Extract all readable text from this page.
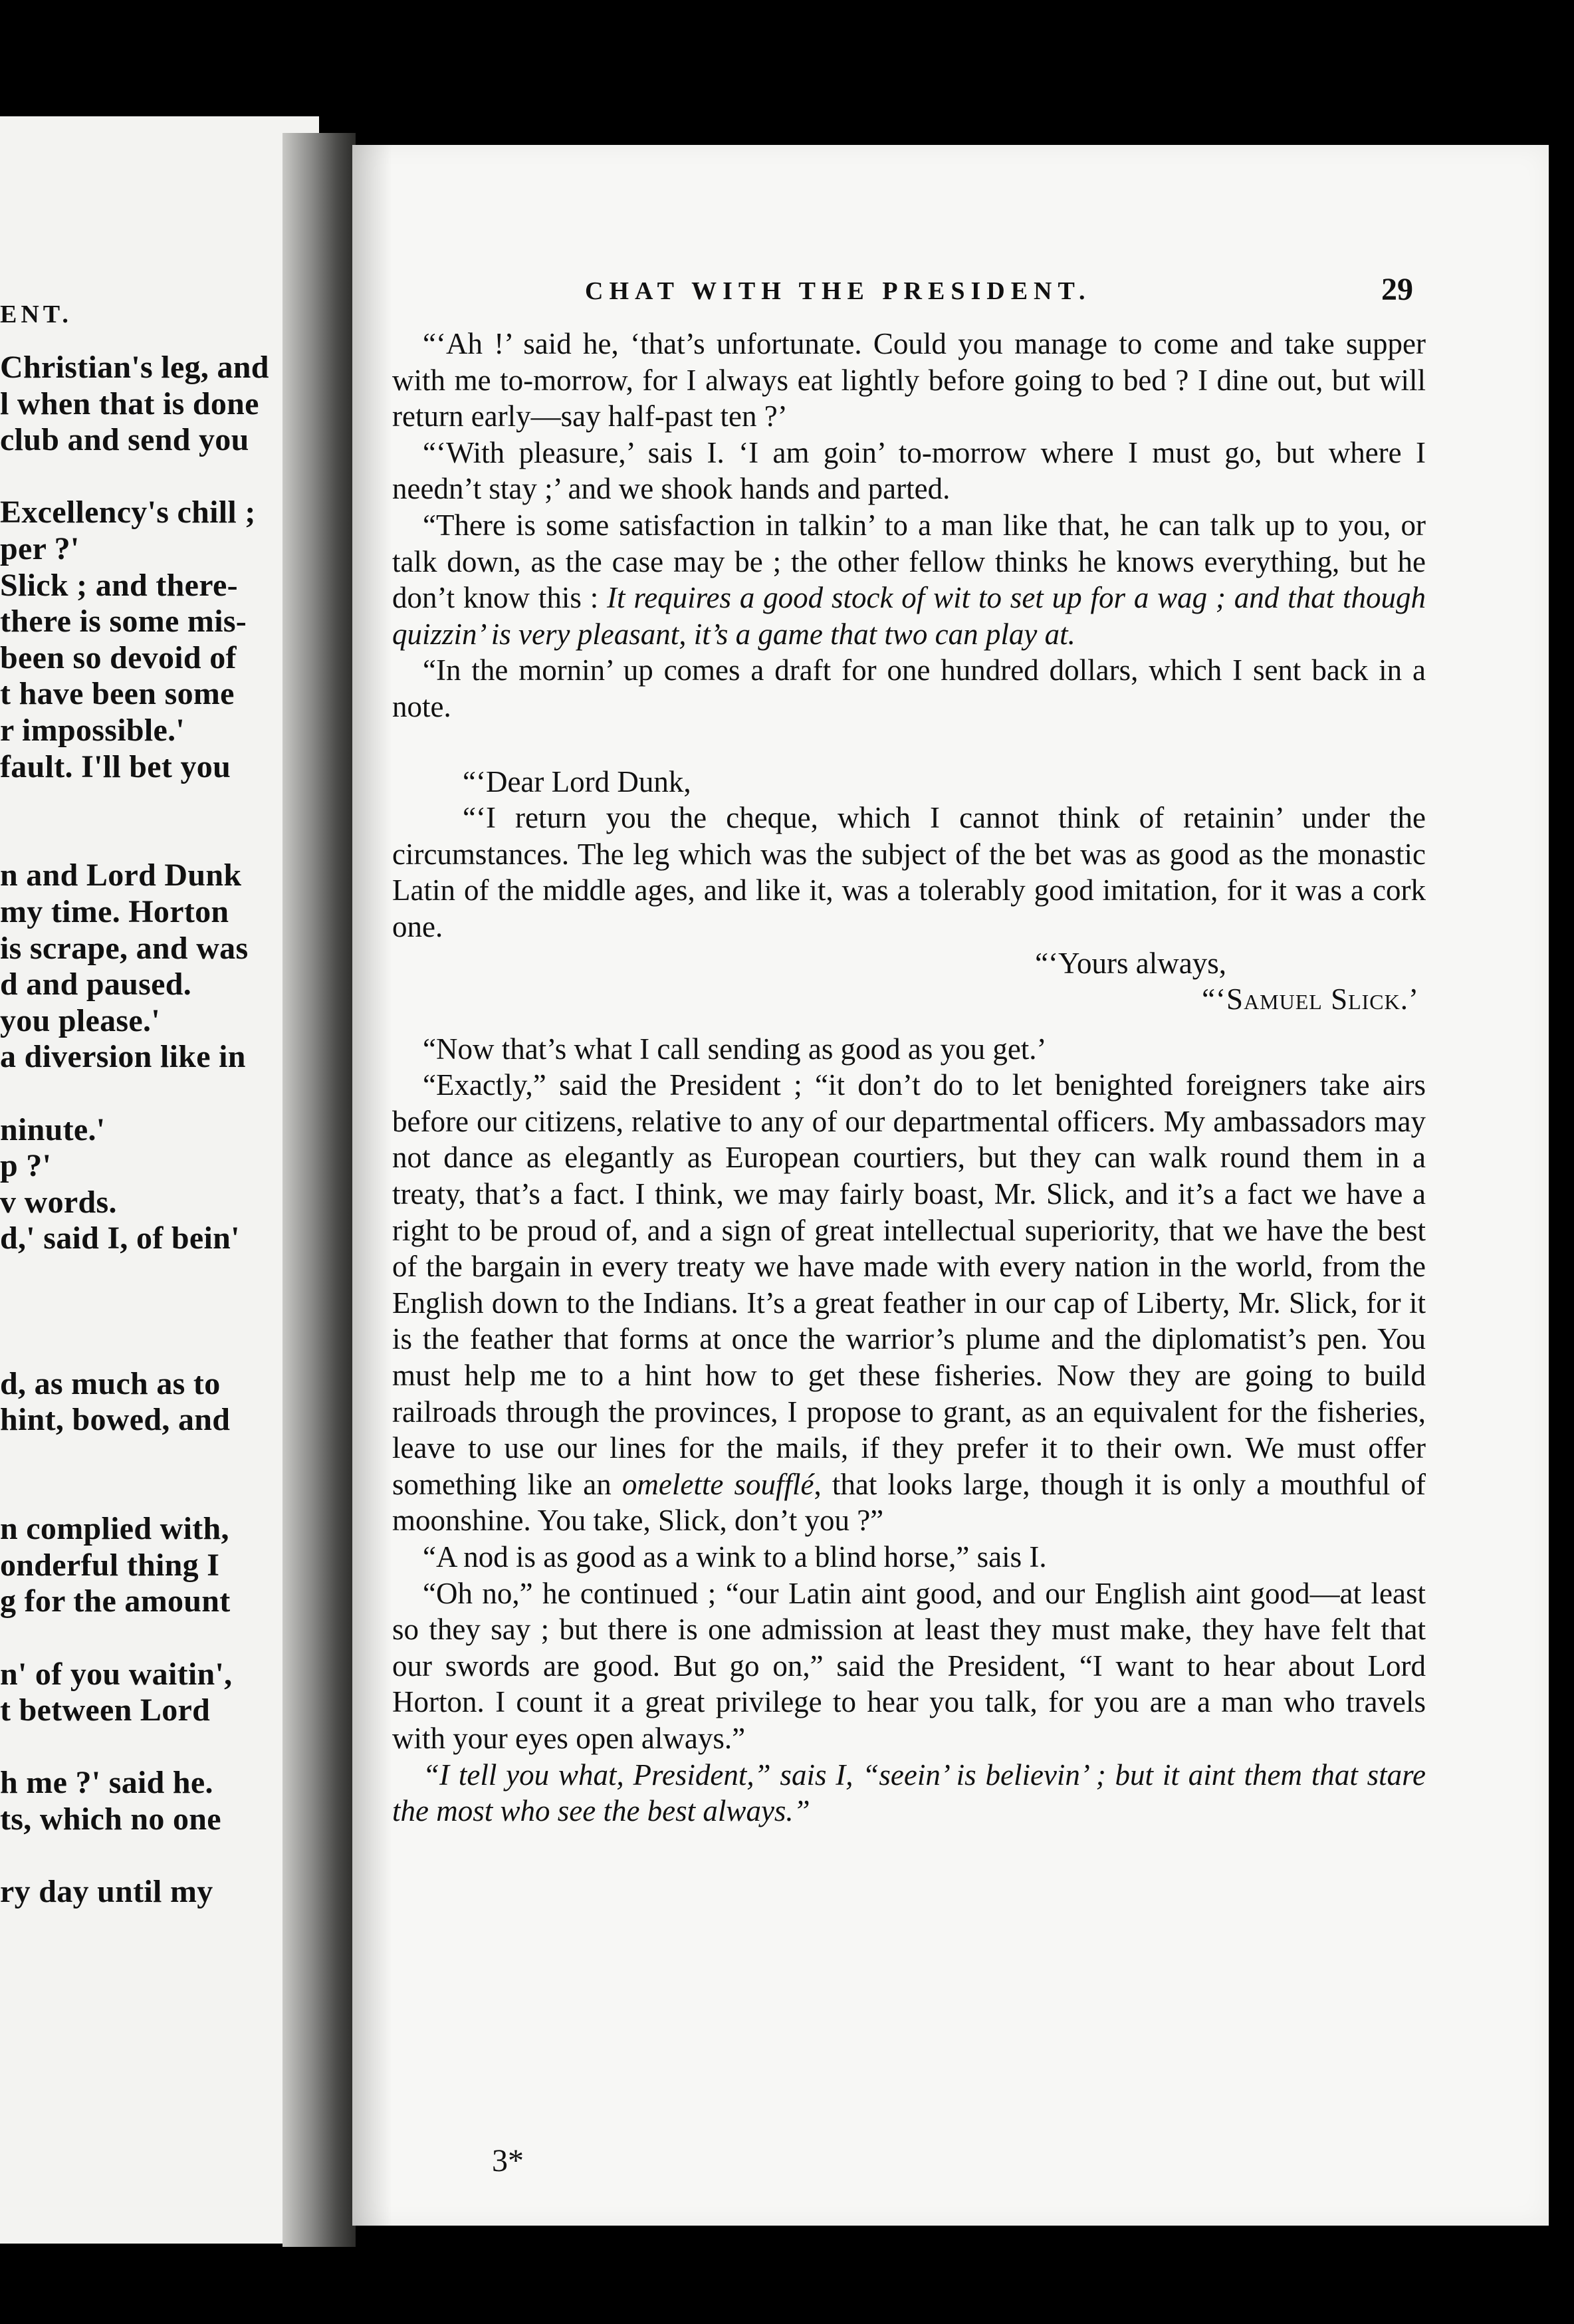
ENT.
Christian's leg, and
l when that is done
club and send you
Excellency's chill ;
per ?'
Slick ; and there-
there is some mis-
been so devoid of
t have been some
r impossible.'
fault. I'll bet you
n and Lord Dunk
my time. Horton
is scrape, and was
d and paused.
you please.'
a diversion like in
ninute.'
p ?'
v words.
d,' said I, of bein'
d, as much as to
hint, bowed, and
n complied with,
onderful thing I
g for the amount
n' of you waitin',
t between Lord
h me ?' said he.
ts, which no one
ry day until my
CHAT WITH THE PRESIDENT.	29

“‘Ah !’ said he, ‘that’s unfortunate. Could you manage to come and take supper with me to-morrow, for I always eat lightly before going to bed ? I dine out, but will return early—say half-past ten ?’

“‘With pleasure,’ sais I. ‘I am goin’ to-morrow where I must go, but where I needn’t stay ;’ and we shook hands and parted.

“There is some satisfaction in talkin’ to a man like that, he can talk up to you, or talk down, as the case may be ; the other fellow thinks he knows everything, but he don’t know this : It requires a good stock of wit to set up for a wag ; and that though quizzin’ is very pleasant, it’s a game that two can play at.

“In the mornin’ up comes a draft for one hundred dollars, which I sent back in a note.

“‘Dear Lord Dunk,

“‘I return you the cheque, which I cannot think of retainin’ under the circumstances. The leg which was the subject of the bet was as good as the monastic Latin of the middle ages, and like it, was a tolerably good imitation, for it was a cork one.

“‘Yours always,

“‘Samuel Slick.’

“Now that’s what I call sending as good as you get.’

“Exactly,” said the President ; “it don’t do to let benighted foreigners take airs before our citizens, relative to any of our departmental officers. My ambassadors may not dance as elegantly as European courtiers, but they can walk round them in a treaty, that’s a fact. I think, we may fairly boast, Mr. Slick, and it’s a fact we have a right to be proud of, and a sign of great intellectual superiority, that we have the best of the bargain in every treaty we have made with every nation in the world, from the English down to the Indians. It’s a great feather in our cap of Liberty, Mr. Slick, for it is the feather that forms at once the warrior’s plume and the diplomatist’s pen. You must help me to a hint how to get these fisheries. Now they are going to build railroads through the provinces, I propose to grant, as an equivalent for the fisheries, leave to use our lines for the mails, if they prefer it to their own. We must offer something like an omelette soufflé, that looks large, though it is only a mouthful of moonshine. You take, Slick, don’t you ?”

“A nod is as good as a wink to a blind horse,” sais I.

“Oh no,” he continued ; “our Latin aint good, and our English aint good—at least so they say ; but there is one admission at least they must make, they have felt that our swords are good. But go on,” said the President, “I want to hear about Lord Horton. I count it a great privilege to hear you talk, for you are a man who travels with your eyes open always.”

“I tell you what, President,” sais I, “seein’ is believin’ ; but it aint them that stare the most who see the best always.”

3*
